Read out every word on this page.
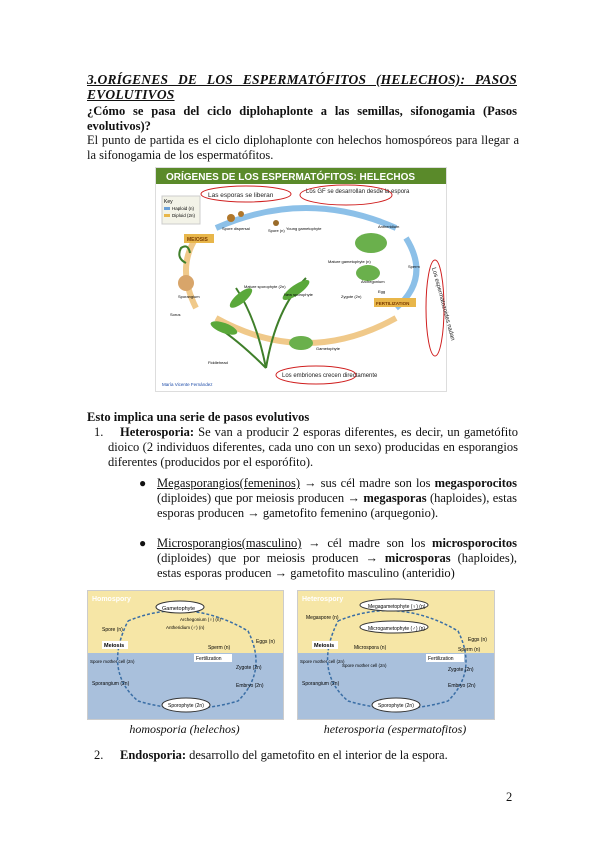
3.ORÍGENES DE LOS ESPERMATÓFITOS (HELECHOS): PASOS EVOLUTIVOS
¿Cómo se pasa del ciclo diplohaplonte a las semillas, sifonogamia (Pasos evolutivos)?
El punto de partida es el ciclo diplohaplonte con helechos homospóreos para llegar a la sifonogamia de los espermatófitos.
ORÍGENES DE LOS ESPERMATÓFITOS: HELECHOS
Key
Haploid (n)
Diploid (2n)
MEIOSIS
FERTILIZATION
Spore dispersal	Spore (n) Young gametophyte	Antheridium
Mature gametophyte (n)
Archegonium
Sperm
Egg
Zygote (2n)
Sporangium
Sorus
Mature sporophyte (2n)
New sporophyte
Gametophyte
Fiddlehead
María Vicente Fernández
Las esporas se liberan	Los GF se desarrollan desde la espora
Los espermatozoides nadan
Los embriones crecen directamente
Esto implica una serie de pasos evolutivos
1. Heterosporia: Se van a producir 2 esporas diferentes, es decir, un gametófito dioico (2 individuos diferentes, cada uno con un sexo) producidas en esporangios diferentes (producidos por el esporófito).
● Megasporangios(femeninos) → sus cél madre son los megasporocitos (diploides) que por meiosis producen → megasporas (haploides), estas esporas producen → gametofito femenino (arquegonio).
● Microsporangios(masculino) → cél madre son los microsporocitos (diploides) que por meiosis producen → microsporas (haploides), estas esporas producen → gametofito masculino (anteridio)
Homospory
Gametophyte
Archegonium (♀) (n)
Antheridium (♂) (n)
Spore (n)
Meiosis	Sperm (n)
Eggs (n)
Fertilization
Spore mother cell (2n)
Zygote (2n)
Sporangium (2n)	Embryo (2n)
Sporophyte (2n)
Heterospory
Megagametophyte (♀) (n)
Megaspore (n)
Microgametophyte (♂) (n)
Eggs (n)
Meiosis	Microspora (n)	Sperm (n)
Fertilization
Spore mother cell (2n)
Spore mother cell (2n)
Zygote (2n)
Sporangium (2n)	Embryo (2n)
Sporophyte (2n)
homosporia (helechos)	heterosporia (espermatofitos)
2. Endosporia: desarrollo del gametofito en el interior de la espora.
2
